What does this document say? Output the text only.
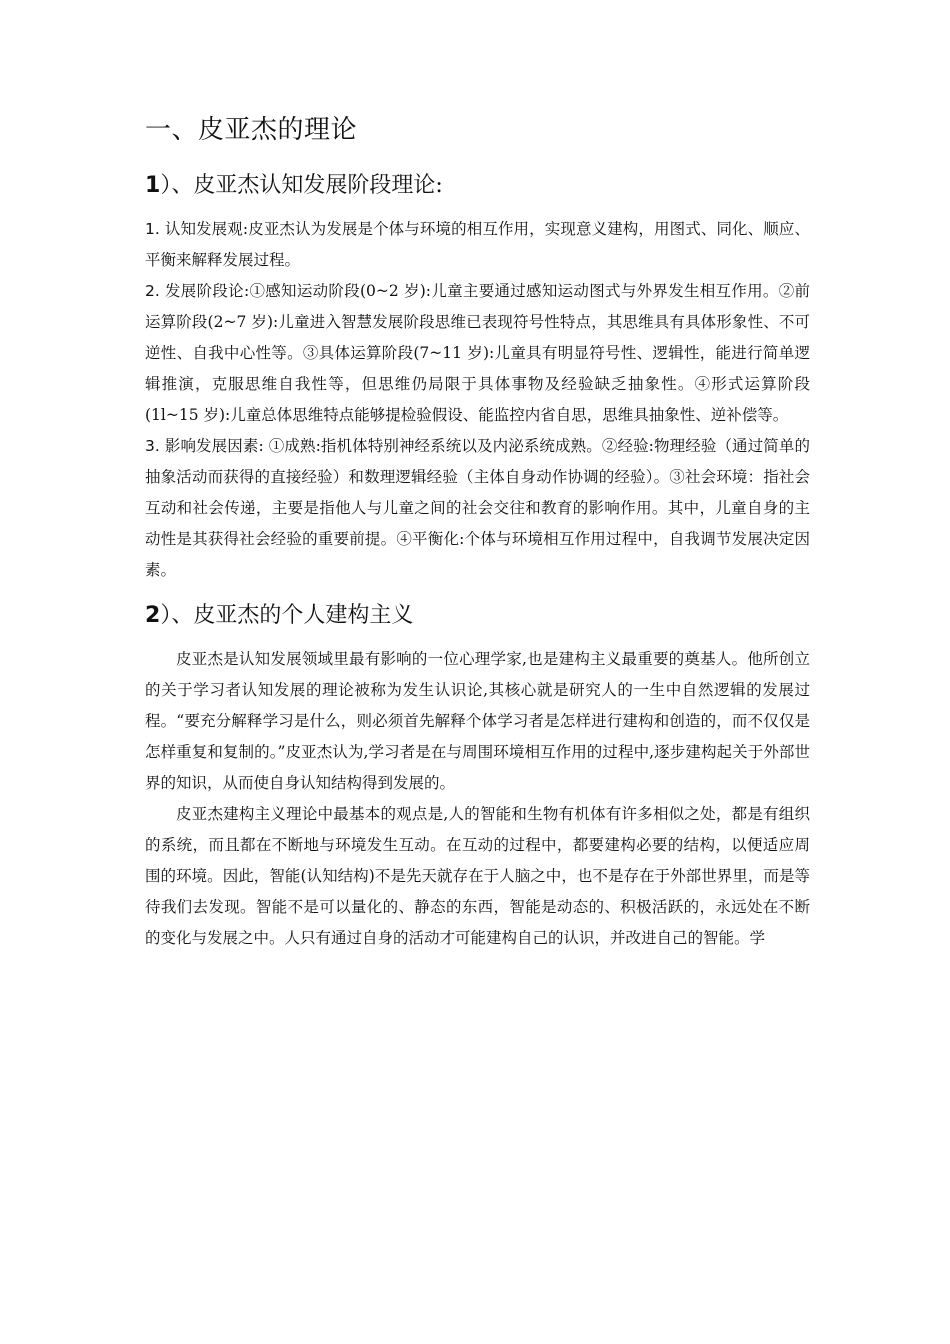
一、皮亚杰的理论
1）、皮亚杰认知发展阶段理论:

1. 认知发展观:皮亚杰认为发展是个体与环境的相互作用，实现意义建构，用图式、同化、顺应、平衡来解释发展过程。

2. 发展阶段论:①感知运动阶段(0~2 岁):儿童主要通过感知运动图式与外界发生相互作用。②前运算阶段(2~7 岁):儿童进入智慧发展阶段思维已表现符号性特点，其思维具有具体形象性、不可逆性、自我中心性等。③具体运算阶段(7~11 岁):儿童具有明显符号性、逻辑性，能进行简单逻辑推演，克服思维自我性等，但思维仍局限于具体事物及经验缺乏抽象性。④形式运算阶段 (1l~15 岁):儿童总体思维特点能够提检验假设、能监控内省自思，思维具抽象性、逆补偿等。

3. 影响发展因素: ①成熟:指机体特别神经系统以及内泌系统成熟。②经验:物理经验（通过简单的抽象活动而获得的直接经验）和数理逻辑经验（主体自身动作协调的经验）。③社会环境：指社会互动和社会传递，主要是指他人与儿童之间的社会交往和教育的影响作用。其中，儿童自身的主动性是其获得社会经验的重要前提。④平衡化:个体与环境相互作用过程中，自我调节发展决定因素。

2）、皮亚杰的个人建构主义

皮亚杰是认知发展领域里最有影响的一位心理学家,也是建构主义最重要的奠基人。他所创立的关于学习者认知发展的理论被称为发生认识论,其核心就是研究人的一生中自然逻辑的发展过程。“要充分解释学习是什么，则必须首先解释个体学习者是怎样进行建构和创造的，而不仅仅是怎样重复和复制的。”皮亚杰认为,学习者是在与周围环境相互作用的过程中,逐步建构起关于外部世界的知识，从而使自身认知结构得到发展的。

皮亚杰建构主义理论中最基本的观点是,人的智能和生物有机体有许多相似之处，都是有组织的系统，而且都在不断地与环境发生互动。在互动的过程中，都要建构必要的结构，以便适应周围的环境。因此，智能(认知结构)不是先天就存在于人脑之中，也不是存在于外部世界里，而是等待我们去发现。智能不是可以量化的、静态的东西，智能是动态的、积极活跃的，永远处在不断的变化与发展之中。人只有通过自身的活动才可能建构自己的认识，并改进自己的智能。学
